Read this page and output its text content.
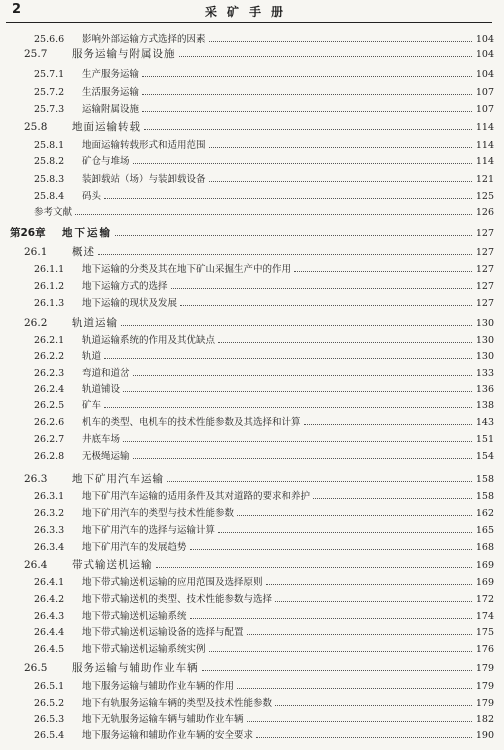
2	采矿手册
25.6.6	影响外部运输方式选择的因素	104
25.7	服务运输与附属设施	104
25.7.1	生产服务运输	104
25.7.2	生活服务运输	107
25.7.3	运输附属设施	107
25.8	地面运输转载	114
25.8.1	地面运输转载形式和适用范围	114
25.8.2	矿仓与堆场	114
25.8.3	装卸载站（场）与装卸载设备	121
25.8.4	码头	125
参考文献	126
第26章	地下运输	127
26.1	概述	127
26.1.1	地下运输的分类及其在地下矿山采掘生产中的作用	127
26.1.2	地下运输方式的选择	127
26.1.3	地下运输的现状及发展	127
26.2	轨道运输	130
26.2.1	轨道运输系统的作用及其优缺点	130
26.2.2	轨道	130
26.2.3	弯道和道岔	133
26.2.4	轨道铺设	136
26.2.5	矿车	138
26.2.6	机车的类型、电机车的技术性能参数及其选择和计算	143
26.2.7	井底车场	151
26.2.8	无极绳运输	154
26.3	地下矿用汽车运输	158
26.3.1	地下矿用汽车运输的适用条件及其对道路的要求和养护	158
26.3.2	地下矿用汽车的类型与技术性能参数	162
26.3.3	地下矿用汽车的选择与运输计算	165
26.3.4	地下矿用汽车的发展趋势	168
26.4	带式输送机运输	169
26.4.1	地下带式输送机运输的应用范围及选择原则	169
26.4.2	地下带式输送机的类型、技术性能参数与选择	172
26.4.3	地下带式输送机运输系统	174
26.4.4	地下带式输送机运输设备的选择与配置	175
26.4.5	地下带式输送机运输系统实例	176
26.5	服务运输与辅助作业车辆	179
26.5.1	地下服务运输与辅助作业车辆的作用	179
26.5.2	地下有轨服务运输车辆的类型及技术性能参数	179
26.5.3	地下无轨服务运输车辆与辅助作业车辆	182
26.5.4	地下服务运输和辅助作业车辆的安全要求	190
